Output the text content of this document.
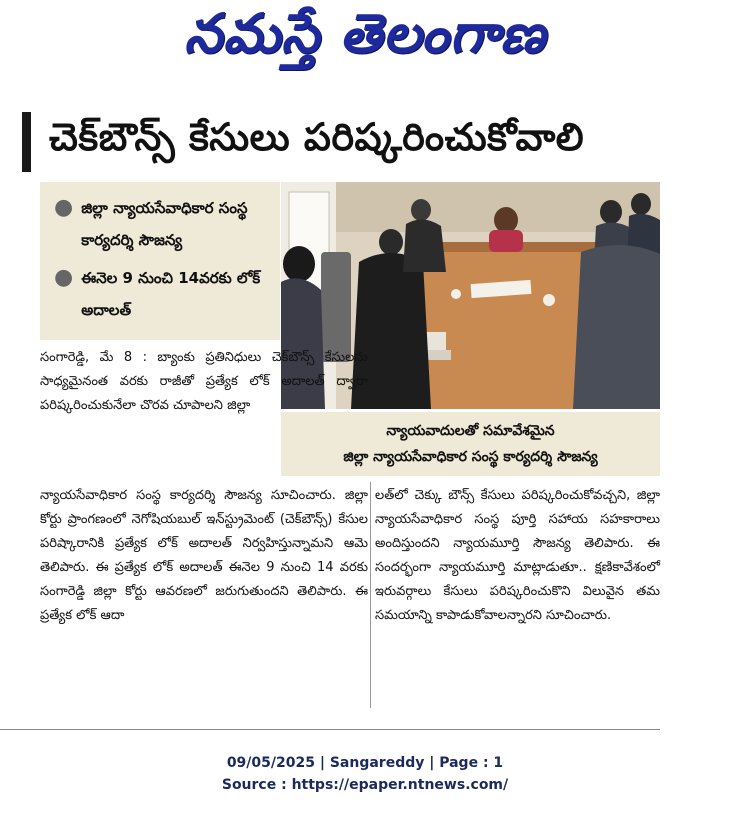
నమస్తే తెలంగాణ
చెక్‌బౌన్స్ కేసులు పరిష్కరించుకోవాలి
● జిల్లా న్యాయసేవాధికార సంస్థ కార్యదర్శి సౌజన్య
● ఈనెల 9 నుంచి 14వరకు లోక్ అదాలత్
న్యాయవాదులతో సమావేశమైన
జిల్లా న్యాయసేవాధికార సంస్థ కార్యదర్శి సౌజన్య

సంగారెడ్డి, మే 8 : బ్యాంకు ప్రతినిధులు చెక్‌బౌన్స్ కేసులను సాధ్యమైనంత వరకు రాజీతో ప్రత్యేక లోక్ అదాలత్ ద్వారా పరిష్కరించుకునేలా చొరవ చూపాలని జిల్లా

న్యాయసేవాధికార సంస్థ కార్యదర్శి సౌజన్య సూచించారు. జిల్లా కోర్టు ప్రాంగణంలో నెగోషియబుల్ ఇన్‌స్ట్రుమెంట్ (చెక్‌బౌన్స్) కేసుల పరిష్కారానికి ప్రత్యేక లోక్ అదాలత్ నిర్వహిస్తున్నామని ఆమె తెలిపారు. ఈ ప్రత్యేక లోక్ అదాలత్ ఈనెల 9 నుంచి 14 వరకు సంగారెడ్డి జిల్లా కోర్టు ఆవరణలో జరుగుతుందని తెలిపారు. ఈ ప్రత్యేక లోక్ ఆదా

లత్‌లో చెక్కు బౌన్స్ కేసులు పరిష్కరించుకోవచ్చని, జిల్లా న్యాయసేవాధికార సంస్థ పూర్తి సహాయ సహకారాలు అందిస్తుందని న్యాయమూర్తి సౌజన్య తెలిపారు. ఈ సందర్భంగా న్యాయమూర్తి మాట్లాడుతూ.. క్షణికావేశంలో ఇరువర్గాలు కేసులు పరిష్కరించుకొని విలువైన తమ సమయాన్ని కాపాడుకోవాలన్నారని సూచించారు.

09/05/2025 | Sangareddy | Page : 1
Source : https://epaper.ntnews.com/
